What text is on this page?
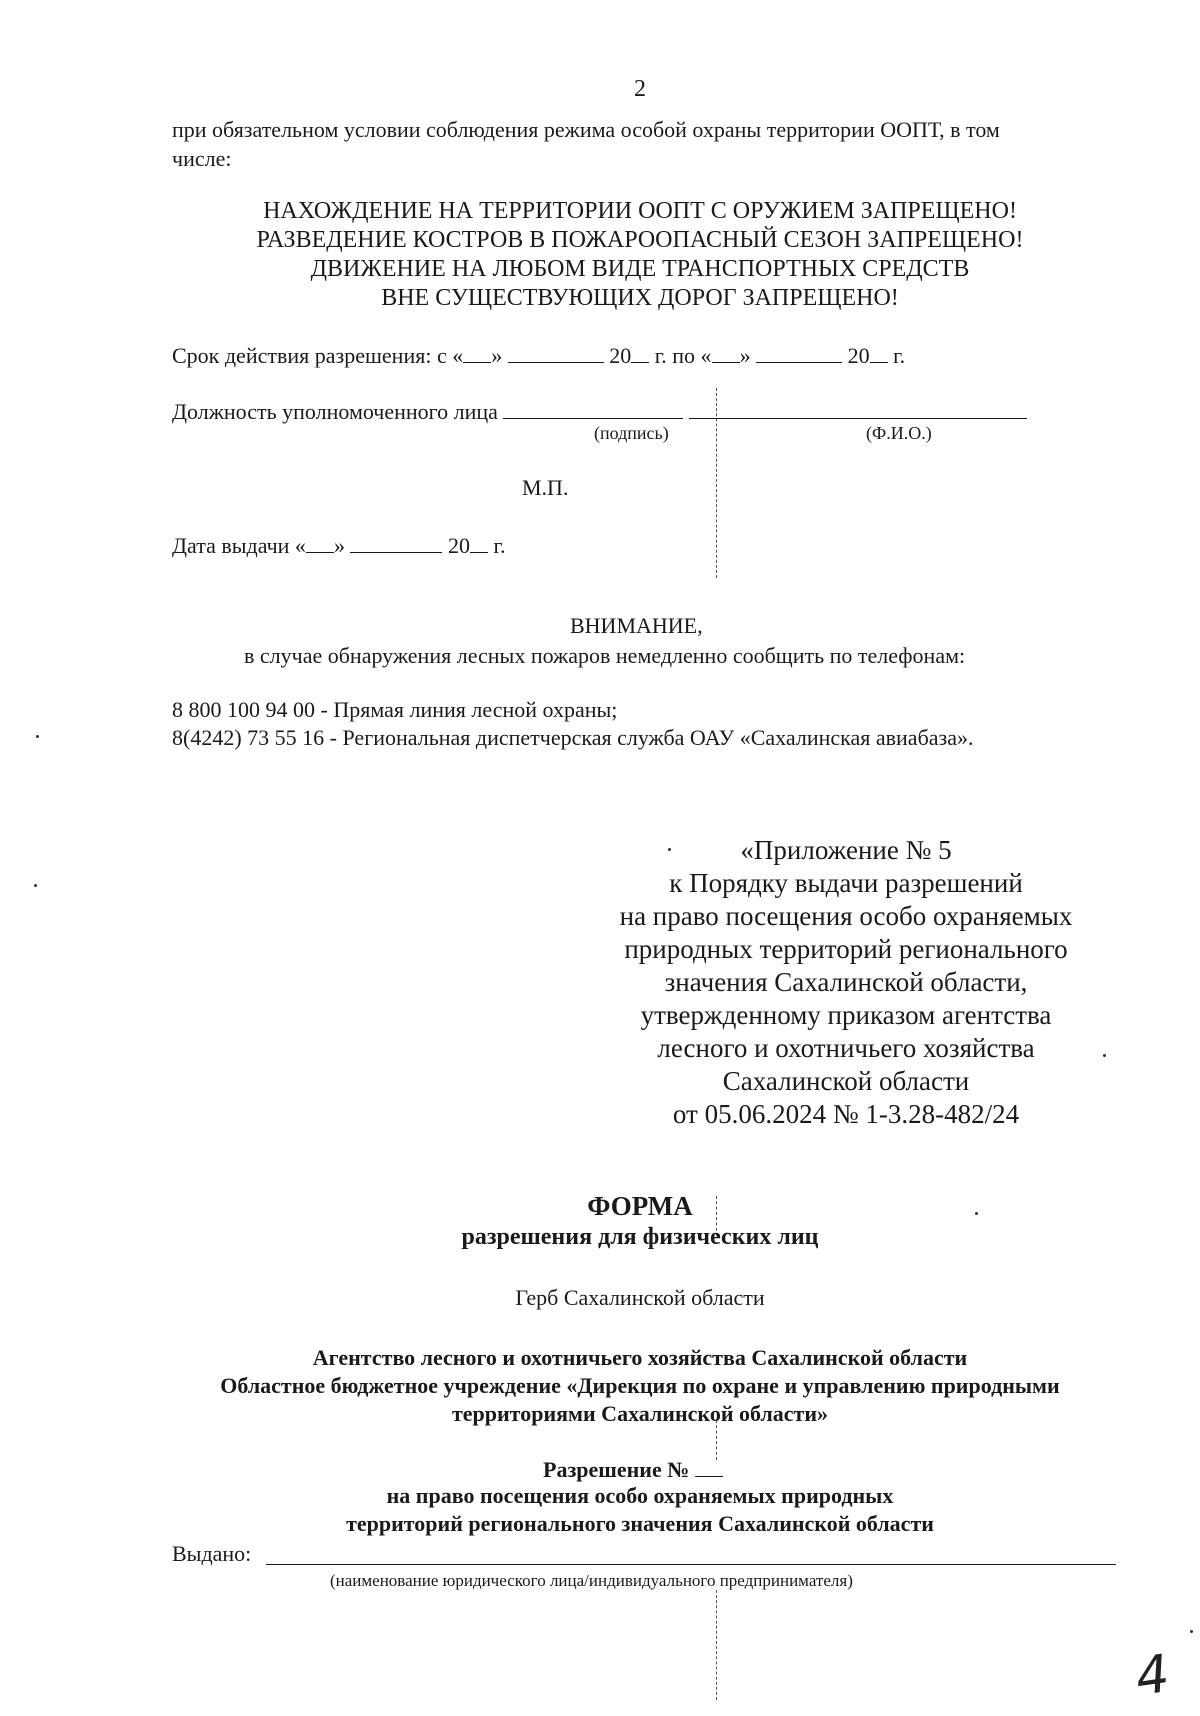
2
при обязательном условии соблюдения режима особой охраны территории ООПТ, в том
числе:
НАХОЖДЕНИЕ НА ТЕРРИТОРИИ ООПТ С ОРУЖИЕМ ЗАПРЕЩЕНО!
РАЗВЕДЕНИЕ КОСТРОВ В ПОЖАРООПАСНЫЙ СЕЗОН ЗАПРЕЩЕНО!
ДВИЖЕНИЕ НА ЛЮБОМ ВИДЕ ТРАНСПОРТНЫХ СРЕДСТВ
ВНЕ СУЩЕСТВУЮЩИХ ДОРОГ ЗАПРЕЩЕНО!
Срок действия разрешения: с « »	20 г. по « »	20 г.
Должность уполномоченного лица
(подпись)	(Ф.И.О.)
М.П.
Дата выдачи « »	20 г.
ВНИМАНИЕ,
в случае обнаружения лесных пожаров немедленно сообщить по телефонам:
8 800 100 94 00 - Прямая линия лесной охраны;
8(4242) 73 55 16 - Региональная диспетчерская служба ОАУ «Сахалинская авиабаза».
«Приложение № 5
к Порядку выдачи разрешений
на право посещения особо охраняемых
природных территорий регионального
значения Сахалинской области,
утвержденному приказом агентства
лесного и охотничьего хозяйства
Сахалинской области
от 05.06.2024 № 1-3.28-482/24
ФОРМА
разрешения для физических лиц
Герб Сахалинской области
Агентство лесного и охотничьего хозяйства Сахалинской области
Областное бюджетное учреждение «Дирекция по охране и управлению природными
территориями Сахалинской области»
Разрешение №
на право посещения особо охраняемых природных
территорий регионального значения Сахалинской области
Выдано:
(наименование юридического лица/индивидуального предпринимателя)
4
